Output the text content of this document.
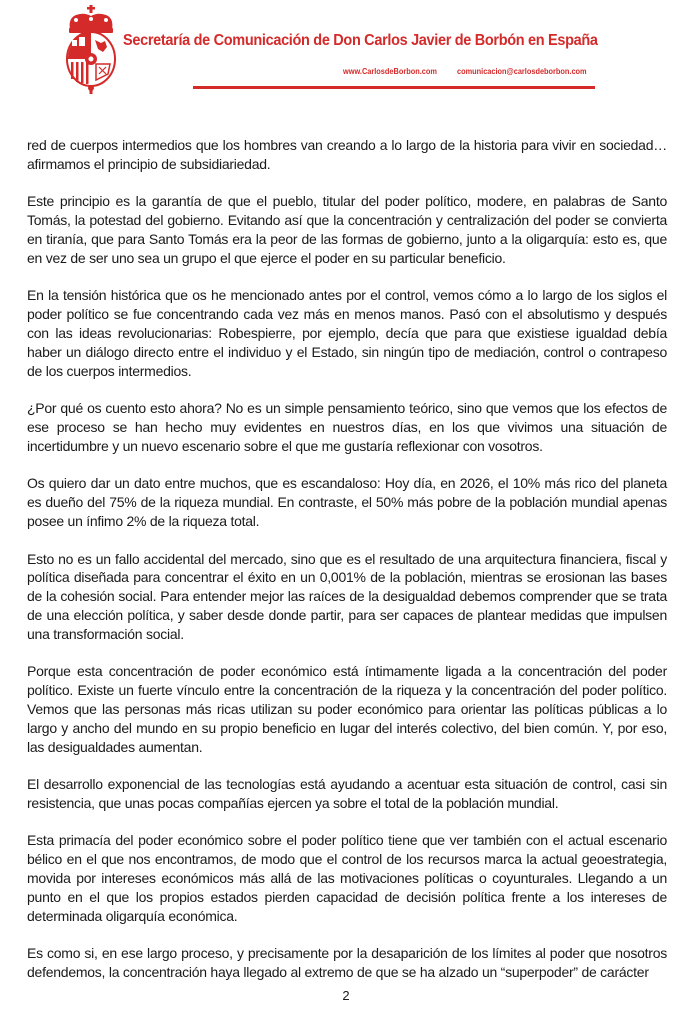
Secretaría de Comunicación de Don Carlos Javier de Borbón en España
www.CarlosdeBorbon.com comunicacion@carlosdeborbon.com

red de cuerpos intermedios que los hombres van creando a lo largo de la historia para vivir en sociedad… afirmamos el principio de subsidiariedad.

Este principio es la garantía de que el pueblo, titular del poder político, modere, en palabras de Santo Tomás, la potestad del gobierno. Evitando así que la concentración y centralización del poder se convierta en tiranía, que para Santo Tomás era la peor de las formas de gobierno, junto a la oligarquía: esto es, que en vez de ser uno sea un grupo el que ejerce el poder en su particular beneficio.

En la tensión histórica que os he mencionado antes por el control, vemos cómo a lo largo de los siglos el poder político se fue concentrando cada vez más en menos manos. Pasó con el absolutismo y después con las ideas revolucionarias: Robespierre, por ejemplo, decía que para que existiese igualdad debía haber un diálogo directo entre el individuo y el Estado, sin ningún tipo de mediación, control o contrapeso de los cuerpos intermedios.

¿Por qué os cuento esto ahora? No es un simple pensamiento teórico, sino que vemos que los efectos de ese proceso se han hecho muy evidentes en nuestros días, en los que vivimos una situación de incertidumbre y un nuevo escenario sobre el que me gustaría reflexionar con vosotros.

Os quiero dar un dato entre muchos, que es escandaloso: Hoy día, en 2026, el 10% más rico del planeta es dueño del 75% de la riqueza mundial. En contraste, el 50% más pobre de la población mundial apenas posee un ínfimo 2% de la riqueza total.

Esto no es un fallo accidental del mercado, sino que es el resultado de una arquitectura financiera, fiscal y política diseñada para concentrar el éxito en un 0,001% de la población, mientras se erosionan las bases de la cohesión social. Para entender mejor las raíces de la desigualdad debemos comprender que se trata de una elección política, y saber desde donde partir, para ser capaces de plantear medidas que impulsen una transformación social.

Porque esta concentración de poder económico está íntimamente ligada a la concentración del poder político. Existe un fuerte vínculo entre la concentración de la riqueza y la concentración del poder político. Vemos que las personas más ricas utilizan su poder económico para orientar las políticas públicas a lo largo y ancho del mundo en su propio beneficio en lugar del interés colectivo, del bien común. Y, por eso, las desigualdades aumentan.

El desarrollo exponencial de las tecnologías está ayudando a acentuar esta situación de control, casi sin resistencia, que unas pocas compañías ejercen ya sobre el total de la población mundial.

Esta primacía del poder económico sobre el poder político tiene que ver también con el actual escenario bélico en el que nos encontramos, de modo que el control de los recursos marca la actual geoestrategia, movida por intereses económicos más allá de las motivaciones políticas o coyunturales. Llegando a un punto en el que los propios estados pierden capacidad de decisión política frente a los intereses de determinada oligarquía económica.

Es como si, en ese largo proceso, y precisamente por la desaparición de los límites al poder que nosotros defendemos, la concentración haya llegado al extremo de que se ha alzado un “superpoder” de carácter

2
